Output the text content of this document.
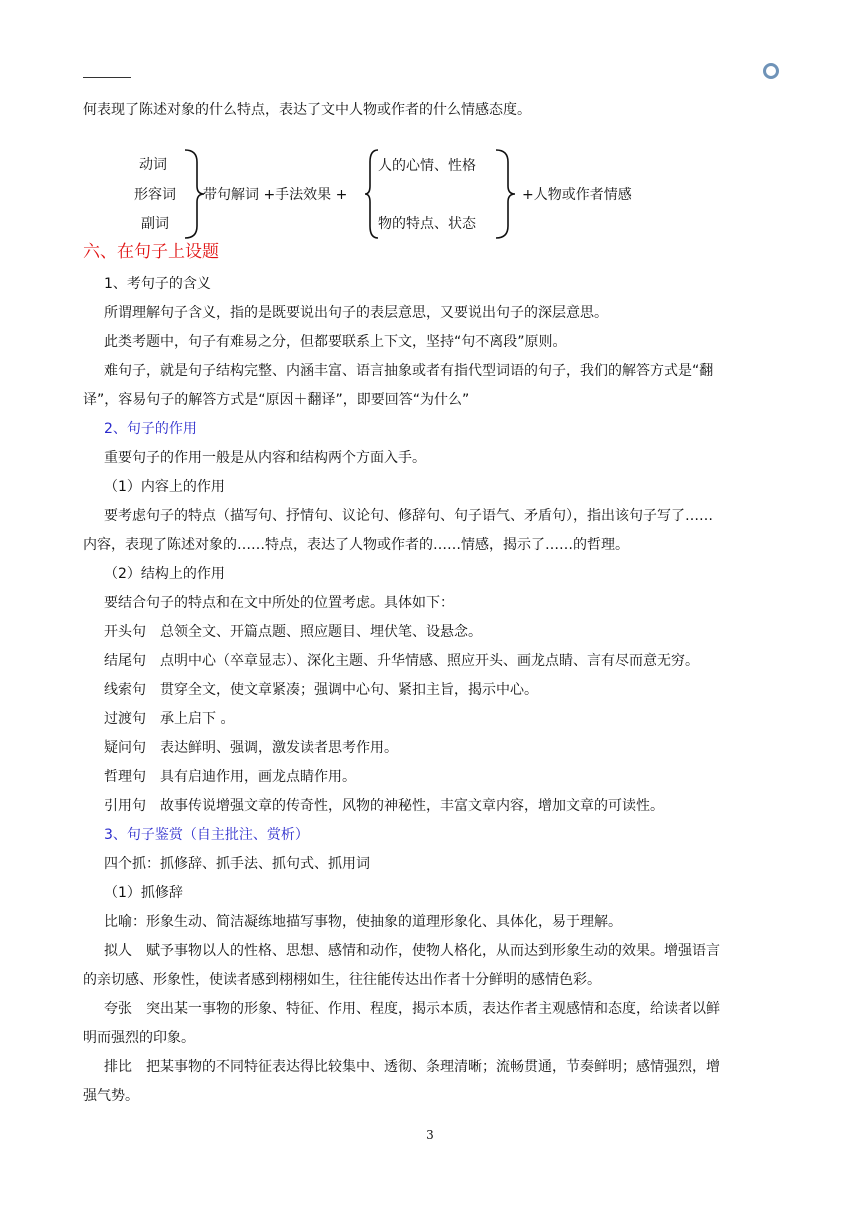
何表现了陈述对象的什么特点，表达了文中人物或作者的什么情感态度。
动词
形容词
副词
带句解词 +手法效果 +
人的心情、性格
物的特点、状态
+人物或作者情感
六、在句子上设题
1、考句子的含义
所谓理解句子含义，指的是既要说出句子的表层意思，又要说出句子的深层意思。
此类考题中，句子有难易之分，但都要联系上下文，坚持“句不离段”原则。
难句子，就是句子结构完整、内涵丰富、语言抽象或者有指代型词语的句子，我们的解答方式是“翻
译”，容易句子的解答方式是“原因＋翻译”，即要回答“为什么”
2、句子的作用
重要句子的作用一般是从内容和结构两个方面入手。
（1）内容上的作用
要考虑句子的特点（描写句、抒情句、议论句、修辞句、句子语气、矛盾句），指出该句子写了……
内容，表现了陈述对象的……特点，表达了人物或作者的……情感，揭示了……的哲理。
（2）结构上的作用
要结合句子的特点和在文中所处的位置考虑。具体如下：
开头句　总领全文、开篇点题、照应题目、埋伏笔、设悬念。
结尾句　点明中心（卒章显志）、深化主题、升华情感、照应开头、画龙点睛、言有尽而意无穷。
线索句　贯穿全文，使文章紧凑；强调中心句、紧扣主旨，揭示中心。
过渡句　承上启下 。
疑问句　表达鲜明、强调，激发读者思考作用。
哲理句　具有启迪作用，画龙点睛作用。
引用句　故事传说增强文章的传奇性，风物的神秘性，丰富文章内容，增加文章的可读性。
3、句子鉴赏（自主批注、赏析）
四个抓：抓修辞、抓手法、抓句式、抓用词
（1）抓修辞
比喻：形象生动、简洁凝练地描写事物，使抽象的道理形象化、具体化，易于理解。
拟人　赋予事物以人的性格、思想、感情和动作，使物人格化，从而达到形象生动的效果。增强语言
的亲切感、形象性，使读者感到栩栩如生，往往能传达出作者十分鲜明的感情色彩。
夸张　突出某一事物的形象、特征、作用、程度，揭示本质，表达作者主观感情和态度，给读者以鲜
明而强烈的印象。
排比　把某事物的不同特征表达得比较集中、透彻、条理清晰；流畅贯通，节奏鲜明；感情强烈，增
强气势。
3
